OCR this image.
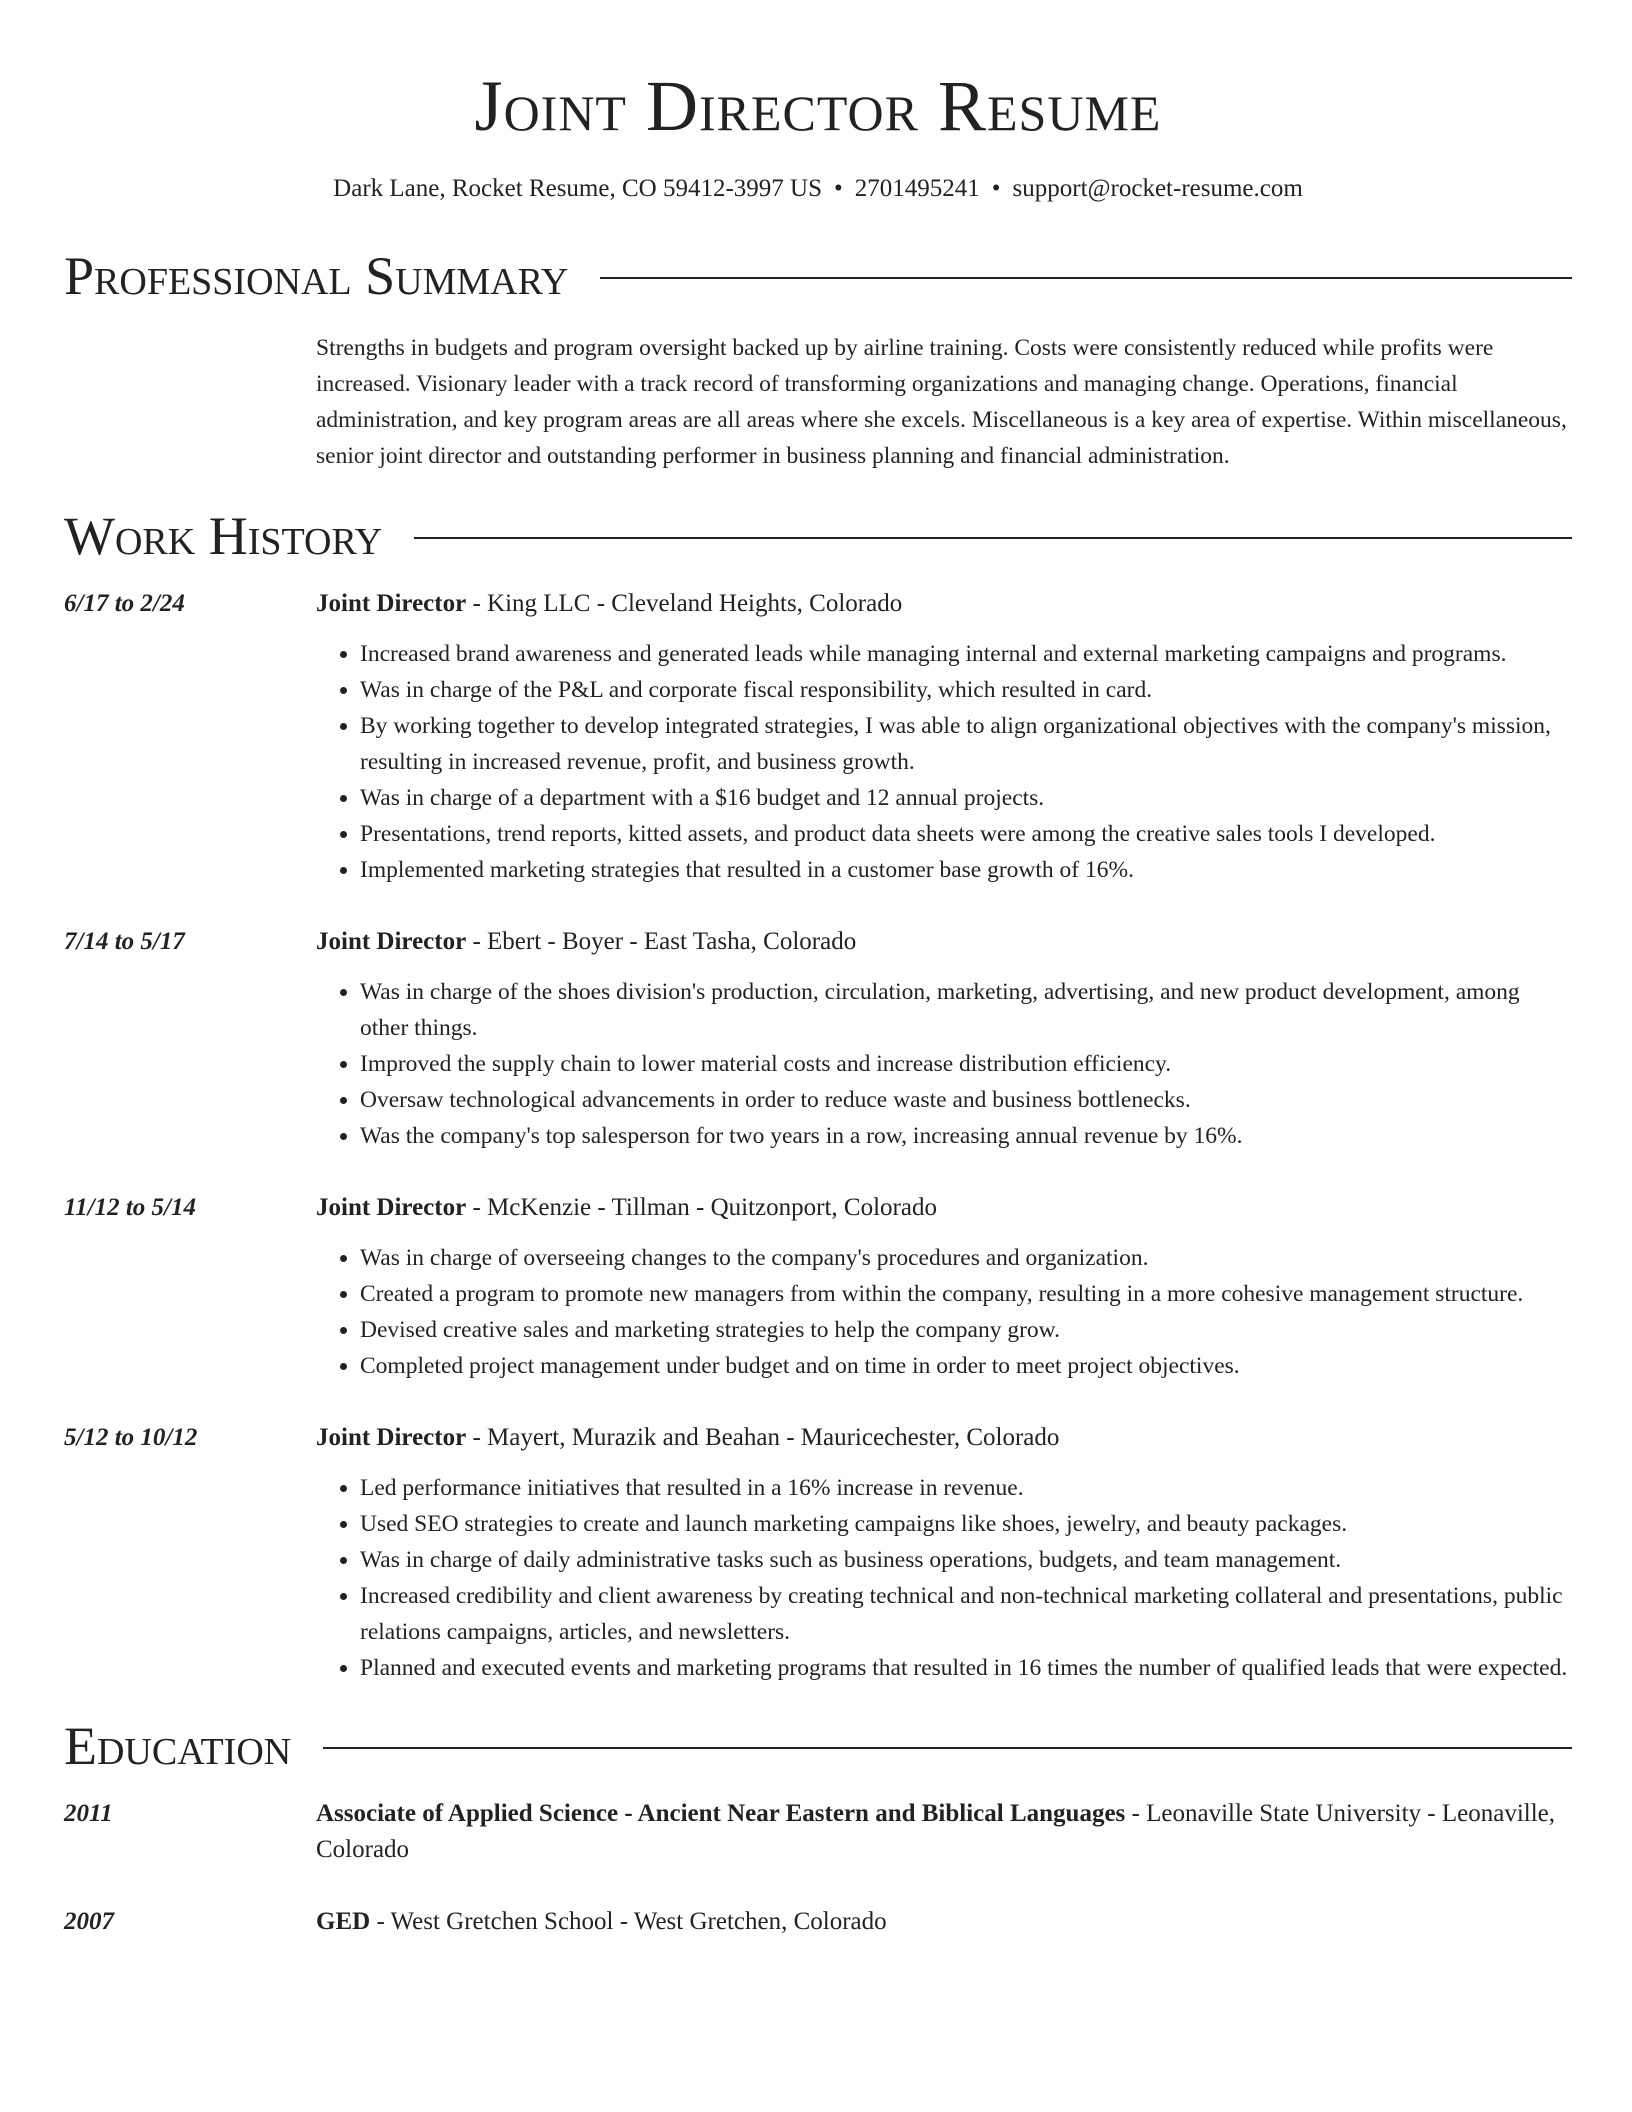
Joint Director Resume
Dark Lane, Rocket Resume, CO 59412-3997 US • 2701495241 • support@rocket-resume.com
Professional Summary
Strengths in budgets and program oversight backed up by airline training. Costs were consistently reduced while profits were increased. Visionary leader with a track record of transforming organizations and managing change. Operations, financial administration, and key program areas are all areas where she excels. Miscellaneous is a key area of expertise. Within miscellaneous, senior joint director and outstanding performer in business planning and financial administration.
Work History
6/17 to 2/24	Joint Director - King LLC - Cleveland Heights, Colorado
• Increased brand awareness and generated leads while managing internal and external marketing campaigns and programs.
• Was in charge of the P&L and corporate fiscal responsibility, which resulted in card.
• By working together to develop integrated strategies, I was able to align organizational objectives with the company's mission, resulting in increased revenue, profit, and business growth.
• Was in charge of a department with a $16 budget and 12 annual projects.
• Presentations, trend reports, kitted assets, and product data sheets were among the creative sales tools I developed.
• Implemented marketing strategies that resulted in a customer base growth of 16%.
7/14 to 5/17	Joint Director - Ebert - Boyer - East Tasha, Colorado
• Was in charge of the shoes division's production, circulation, marketing, advertising, and new product development, among other things.
• Improved the supply chain to lower material costs and increase distribution efficiency.
• Oversaw technological advancements in order to reduce waste and business bottlenecks.
• Was the company's top salesperson for two years in a row, increasing annual revenue by 16%.
11/12 to 5/14	Joint Director - McKenzie - Tillman - Quitzonport, Colorado
• Was in charge of overseeing changes to the company's procedures and organization.
• Created a program to promote new managers from within the company, resulting in a more cohesive management structure.
• Devised creative sales and marketing strategies to help the company grow.
• Completed project management under budget and on time in order to meet project objectives.
5/12 to 10/12	Joint Director - Mayert, Murazik and Beahan - Mauricechester, Colorado
• Led performance initiatives that resulted in a 16% increase in revenue.
• Used SEO strategies to create and launch marketing campaigns like shoes, jewelry, and beauty packages.
• Was in charge of daily administrative tasks such as business operations, budgets, and team management.
• Increased credibility and client awareness by creating technical and non-technical marketing collateral and presentations, public relations campaigns, articles, and newsletters.
• Planned and executed events and marketing programs that resulted in 16 times the number of qualified leads that were expected.
Education
2011	Associate of Applied Science - Ancient Near Eastern and Biblical Languages - Leonaville State University - Leonaville, Colorado
2007	GED - West Gretchen School - West Gretchen, Colorado
